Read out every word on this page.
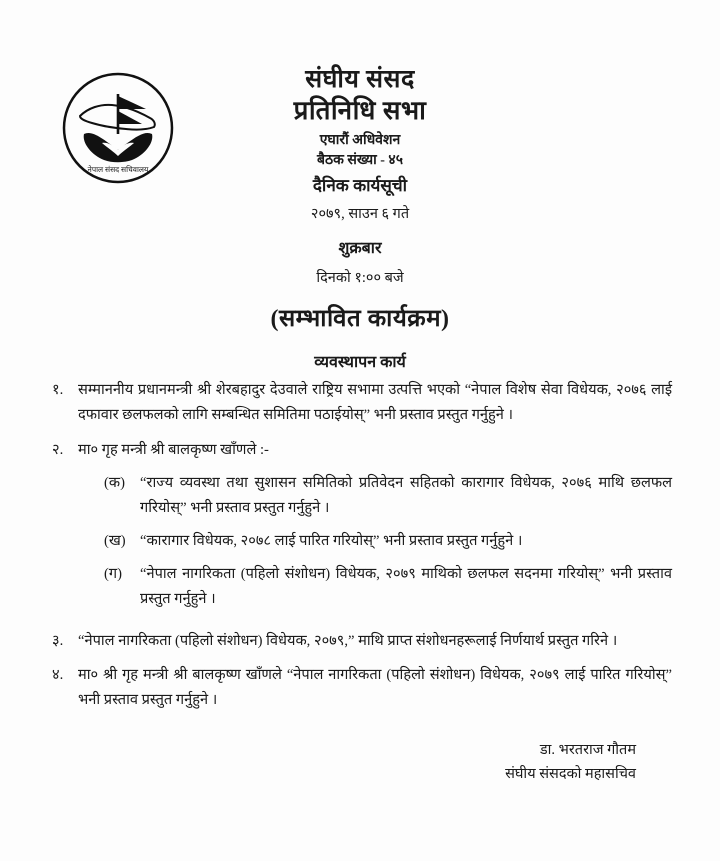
नेपाल संसद सचिवालय
संघीय संसद
प्रतिनिधि सभा
एघारौं अधिवेशन
बैठक संख्या - ४५
दैनिक कार्यसूची
२०७९, साउन ६ गते
शुक्रबार
दिनको १:०० बजे
(सम्भावित कार्यक्रम)
व्यवस्थापन कार्य
१.	सम्माननीय प्रधानमन्त्री श्री शेरबहादुर देउवाले राष्ट्रिय सभामा उत्पत्ति भएको “नेपाल विशेष सेवा विधेयक, २०७६ लाई दफावार छलफलको लागि सम्बन्धित समितिमा पठाईयोस्” भनी प्रस्ताव प्रस्तुत गर्नुहुने ।
२.	मा० गृह मन्त्री श्री बालकृष्ण खाँणले :-
(क)	“राज्य व्यवस्था तथा सुशासन समितिको प्रतिवेदन सहितको कारागार विधेयक, २०७६ माथि छलफल गरियोस्” भनी प्रस्ताव प्रस्तुत गर्नुहुने ।
(ख) “कारागार विधेयक, २०७८ लाई पारित गरियोस्” भनी प्रस्ताव प्रस्तुत गर्नुहुने ।
(ग)	“नेपाल नागरिकता (पहिलो संशोधन) विधेयक, २०७९ माथिको छलफल सदनमा गरियोस्” भनी प्रस्ताव प्रस्तुत गर्नुहुने ।
३.	“नेपाल नागरिकता (पहिलो संशोधन) विधेयक, २०७९,” माथि प्राप्त संशोधनहरूलाई निर्णयार्थ प्रस्तुत गरिने ।
४.	मा० श्री गृह मन्त्री श्री बालकृष्ण खाँणले “नेपाल नागरिकता (पहिलो संशोधन) विधेयक, २०७९ लाई पारित गरियोस्” भनी प्रस्ताव प्रस्तुत गर्नुहुने ।
डा. भरतराज गौतम
संघीय संसदको महासचिव
